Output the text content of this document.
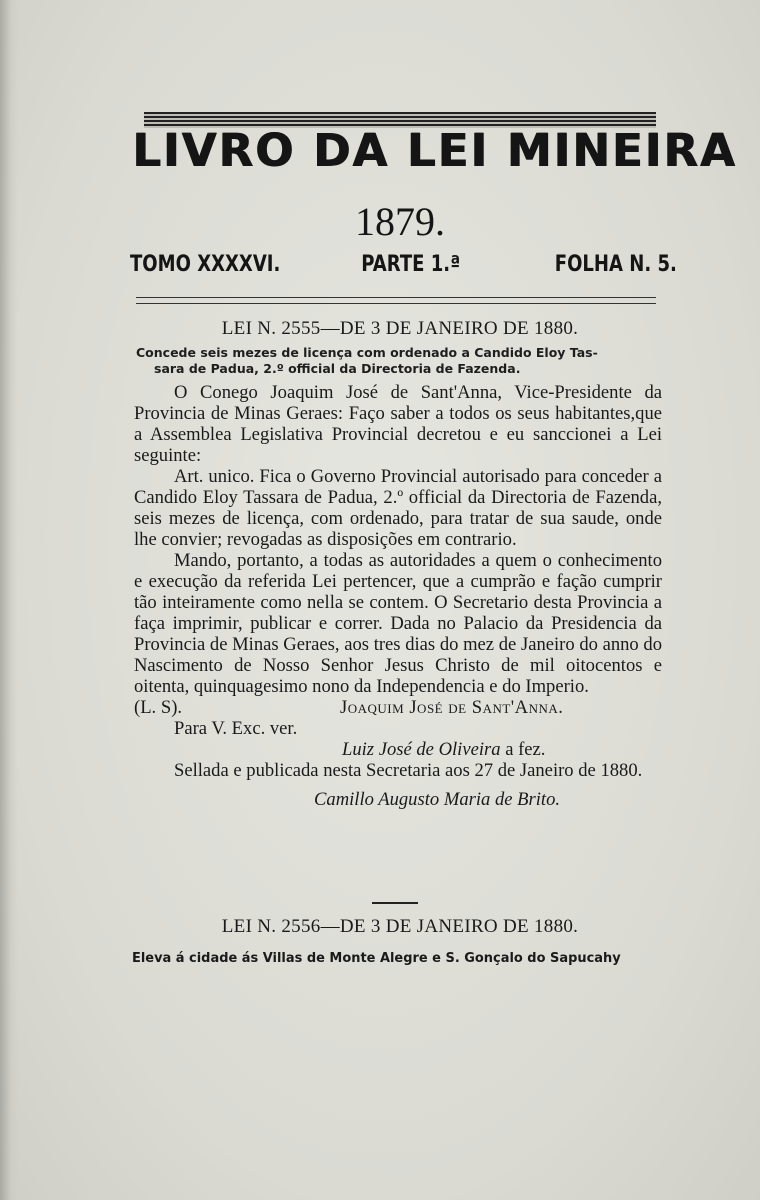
LIVRO DA LEI MINEIRA
1879.
TOMO XXXXVI.	PARTE 1.ª	FOLHA N. 5.
LEI N. 2555—DE 3 DE JANEIRO DE 1880.
Concede seis mezes de licença com ordenado a Candido Eloy Tas-
sara de Padua, 2.º official da Directoria de Fazenda.

O Conego Joaquim José de Sant'Anna, Vice-Presidente da Provincia de Minas Geraes: Faço saber a todos os seus habitantes,que a Assemblea Legislativa Provincial decretou e eu sanccionei a Lei seguinte:

Art. unico. Fica o Governo Provincial autorisado para conceder a Candido Eloy Tassara de Padua, 2.º official da Directoria de Fazenda, seis mezes de licença, com ordenado, para tratar de sua saude, onde lhe convier; revogadas as disposições em contrario.

Mando, portanto, a todas as autoridades a quem o conhecimento e execução da referida Lei pertencer, que a cumprão e fação cumprir tão inteiramente como nella se contem. O Secretario desta Provincia a faça imprimir, publicar e correr. Dada no Palacio da Presidencia da Provincia de Minas Geraes, aos tres dias do mez de Janeiro do anno do Nascimento de Nosso Senhor Jesus Christo de mil oitocentos e oitenta, quinquagesimo nono da Independencia e do Imperio.

(L. S).	Joaquim José de Sant'Anna.

Para V. Exc. ver.

Luiz José de Oliveira a fez.

Sellada e publicada nesta Secretaria aos 27 de Janeiro de 1880.

Camillo Augusto Maria de Brito.
LEI N. 2556—DE 3 DE JANEIRO DE 1880.
Eleva á cidade ás Villas de Monte Alegre e S. Gonçalo do Sapucahy
